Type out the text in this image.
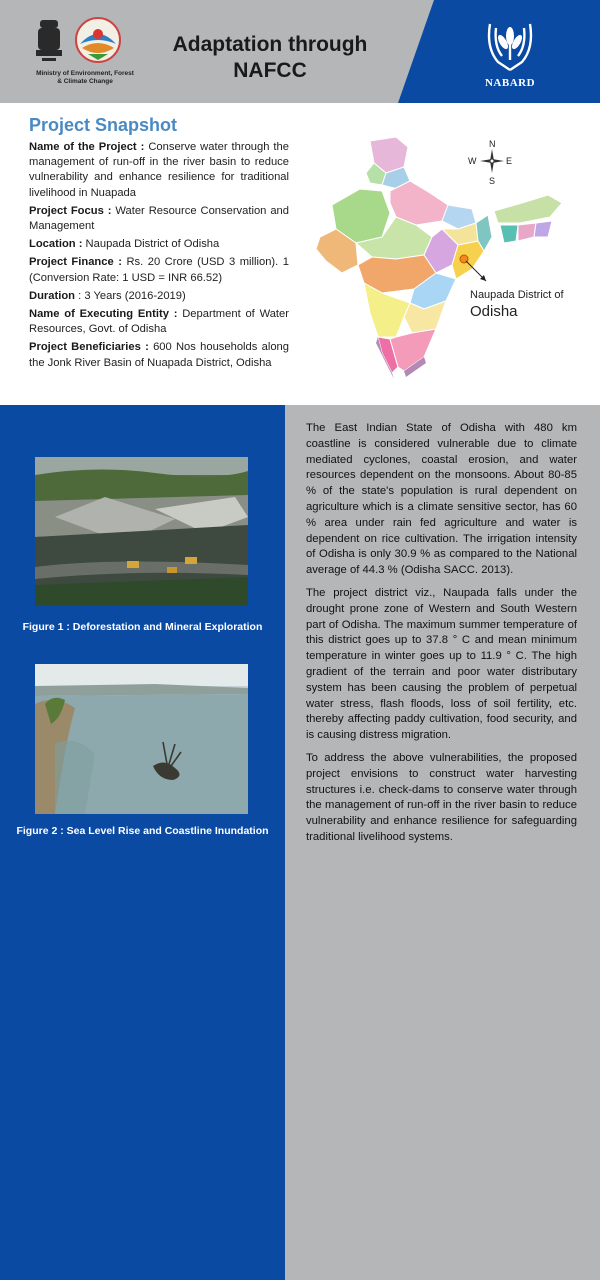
Ministry of Environment, Forest
& Climate Change
Adaptation through
NAFCC
NABARD
Project Snapshot

Name of the Project : Conserve water through the management of run-off in the river basin to reduce vulnerability and enhance resilience for traditional livelihood in Nuapada

Project Focus : Water Resource Conservation and Management

Location : Naupada District of Odisha

Project Finance : Rs. 20 Crore (USD 3 million). 1 (Conversion Rate: 1 USD = INR 66.52)

Duration : 3 Years (2016-2019)

Name of Executing Entity : Department of Water Resources, Govt. of Odisha

Project Beneficiaries : 600 Nos households along the Jonk River Basin of Nuapada District, Odisha

N
S
E
W
Naupada District of
Odisha
Figure 1 : Deforestation and Mineral Exploration
Figure 2 : Sea Level Rise and Coastline Inundation

The East Indian State of Odisha with 480 km coastline is considered vulnerable due to climate mediated cyclones, coastal erosion, and water resources dependent on the monsoons. About 80-85 % of the state's population is rural dependent on agriculture which is a climate sensitive sector, has 60 % area under rain fed agriculture and water is dependent on rice cultivation. The irrigation intensity of Odisha is only 30.9 % as compared to the National average of 44.3 % (Odisha SACC. 2013).

The project district viz., Naupada falls under the drought prone zone of Western and South Western part of Odisha. The maximum summer temperature of this district goes up to 37.8 ° C and mean minimum temperature in winter goes up to 11.9 ° C. The high gradient of the terrain and poor water distributary system has been causing the problem of perpetual water stress, flash floods, loss of soil fertility, etc. thereby affecting paddy cultivation, food security, and is causing distress migration.

To address the above vulnerabilities, the proposed project envisions to construct water harvesting structures i.e. check-dams to conserve water through the management of run-off in the river basin to reduce vulnerability and enhance resilience for safeguarding traditional livelihood systems.
